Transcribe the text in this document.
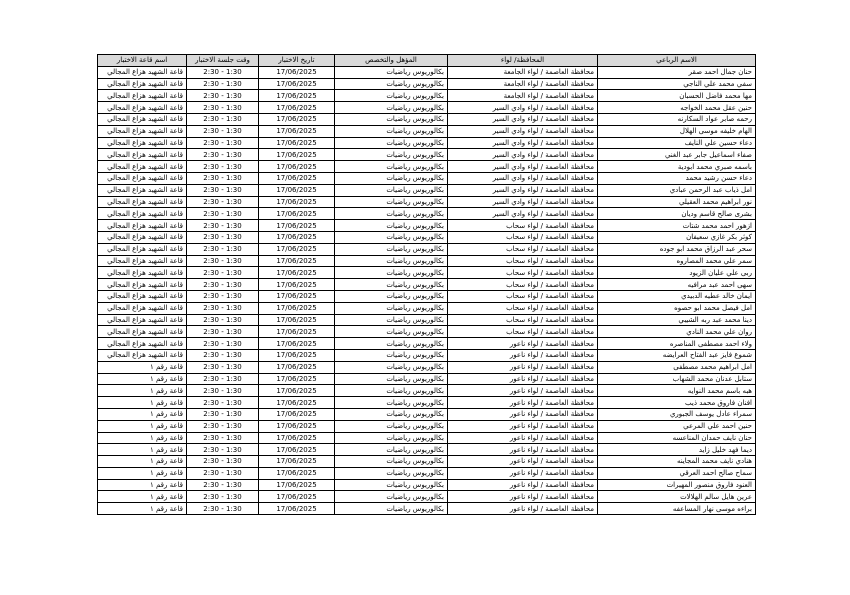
الاسم الرباعي	المحافظة/ لواء	المؤهل والتخصص	تاريخ الاختبار	وقت جلسة الاختبار	اسم قاعة الاختبار
حنان جمال احمد صقر	محافظة العاصمة / لواء الجامعة	بكالوريوس رياضيات	17/06/2025	1:30 - 2:30	قاعة الشهيد هزاع المجالي
سفي محمد علي الناجي	محافظة العاصمة / لواء الجامعة	بكالوريوس رياضيات	17/06/2025	1:30 - 2:30	قاعة الشهيد هزاع المجالي
مها محمد فاضل الحسبان	محافظة العاصمة / لواء الجامعة	بكالوريوس رياضيات	17/06/2025	1:30 - 2:30	قاعة الشهيد هزاع المجالي
حنين عقل محمد الخواجه	محافظة العاصمة / لواء وادي السير	بكالوريوس رياضيات	17/06/2025	1:30 - 2:30	قاعة الشهيد هزاع المجالي
رحمه صابر عواد السكارنه	محافظة العاصمة / لواء وادي السير	بكالوريوس رياضيات	17/06/2025	1:30 - 2:30	قاعة الشهيد هزاع المجالي
الهام خليفه موسى الهلال	محافظة العاصمة / لواء وادي السير	بكالوريوس رياضيات	17/06/2025	1:30 - 2:30	قاعة الشهيد هزاع المجالي
دعاء حسين علي النايف	محافظة العاصمة / لواء وادي السير	بكالوريوس رياضيات	17/06/2025	1:30 - 2:30	قاعة الشهيد هزاع المجالي
صفاء اسماعيل جابر عبد الغني	محافظة العاصمة / لواء وادي السير	بكالوريوس رياضيات	17/06/2025	1:30 - 2:30	قاعة الشهيد هزاع المجالي
باسمه صبري محمد ابودية	محافظة العاصمة / لواء وادي السير	بكالوريوس رياضيات	17/06/2025	1:30 - 2:30	قاعة الشهيد هزاع المجالي
دعاء حسن رشيد محمد	محافظة العاصمة / لواء وادي السير	بكالوريوس رياضيات	17/06/2025	1:30 - 2:30	قاعة الشهيد هزاع المجالي
امل ذياب عبد الرحمن عبادي	محافظة العاصمة / لواء وادي السير	بكالوريوس رياضيات	17/06/2025	1:30 - 2:30	قاعة الشهيد هزاع المجالي
نور ابراهيم محمد العقيلي	محافظة العاصمة / لواء وادي السير	بكالوريوس رياضيات	17/06/2025	1:30 - 2:30	قاعة الشهيد هزاع المجالي
بشرى صالح قاسم وديان	محافظة العاصمة / لواء وادي السير	بكالوريوس رياضيات	17/06/2025	1:30 - 2:30	قاعة الشهيد هزاع المجالي
ازهور احمد محمد شتات	محافظة العاصمة / لواء سحاب	بكالوريوس رياضيات	17/06/2025	1:30 - 2:30	قاعة الشهيد هزاع المجالي
كوثر بكر غازي سعيفان	محافظة العاصمة / لواء سحاب	بكالوريوس رياضيات	17/06/2025	1:30 - 2:30	قاعة الشهيد هزاع المجالي
سحر عبد الرزاق محمد ابو جوده	محافظة العاصمة / لواء سحاب	بكالوريوس رياضيات	17/06/2025	1:30 - 2:30	قاعة الشهيد هزاع المجالي
سمر علي محمد المصاروه	محافظة العاصمة / لواء سحاب	بكالوريوس رياضيات	17/06/2025	1:30 - 2:30	قاعة الشهيد هزاع المجالي
ربى علي عليان الزيود	محافظة العاصمة / لواء سحاب	بكالوريوس رياضيات	17/06/2025	1:30 - 2:30	قاعة الشهيد هزاع المجالي
سهى احمد عبد مرافيه	محافظة العاصمة / لواء سحاب	بكالوريوس رياضيات	17/06/2025	1:30 - 2:30	قاعة الشهيد هزاع المجالي
ايمان خالد عطيه الدبيدي	محافظة العاصمة / لواء سحاب	بكالوريوس رياضيات	17/06/2025	1:30 - 2:30	قاعة الشهيد هزاع المجالي
امل فيصل محمد ابو حصوه	محافظة العاصمة / لواء سحاب	بكالوريوس رياضيات	17/06/2025	1:30 - 2:30	قاعة الشهيد هزاع المجالي
دينا محمد عبد ربه الشيبي	محافظة العاصمة / لواء سحاب	بكالوريوس رياضيات	17/06/2025	1:30 - 2:30	قاعة الشهيد هزاع المجالي
روان علي محمد النادي	محافظة العاصمة / لواء سحاب	بكالوريوس رياضيات	17/06/2025	1:30 - 2:30	قاعة الشهيد هزاع المجالي
ولاء احمد مصطفى المناصره	محافظة العاصمة / لواء ناعور	بكالوريوس رياضيات	17/06/2025	1:30 - 2:30	قاعة الشهيد هزاع المجالي
شموع فايز عبد الفتاح العرايضه	محافظة العاصمة / لواء ناعور	بكالوريوس رياضيات	17/06/2025	1:30 - 2:30	قاعة الشهيد هزاع المجالي
امل ابراهيم محمد مصطفى	محافظة العاصمة / لواء ناعور	بكالوريوس رياضيات	17/06/2025	1:30 - 2:30	قاعة رقم ١
ستابل عدنان محمد الشهاب	محافظة العاصمة / لواء ناعور	بكالوريوس رياضيات	17/06/2025	1:30 - 2:30	قاعة رقم ١
هبه باسم محمد النوايه	محافظة العاصمة / لواء ناعور	بكالوريوس رياضيات	17/06/2025	1:30 - 2:30	قاعة رقم ١
افنان فاروق محمد ذيب	محافظة العاصمة / لواء ناعور	بكالوريوس رياضيات	17/06/2025	1:30 - 2:30	قاعة رقم ١
سمراء عادل يوسف الجبوري	محافظة العاصمة / لواء ناعور	بكالوريوس رياضيات	17/06/2025	1:30 - 2:30	قاعة رقم ١
حنين احمد علي المرعي	محافظة العاصمة / لواء ناعور	بكالوريوس رياضيات	17/06/2025	1:30 - 2:30	قاعة رقم ١
حنان نايف حمدان المناعسه	محافظة العاصمة / لواء ناعور	بكالوريوس رياضيات	17/06/2025	1:30 - 2:30	قاعة رقم ١
ديما فهد خليل زايد	محافظة العاصمة / لواء ناعور	بكالوريوس رياضيات	17/06/2025	1:30 - 2:30	قاعة رقم ١
هنادي نايف محمد المجاينه	محافظة العاصمة / لواء ناعور	بكالوريوس رياضيات	17/06/2025	1:30 - 2:30	قاعة رقم ١
سماح صالح احمد العرقي	محافظة العاصمة / لواء ناعور	بكالوريوس رياضيات	17/06/2025	1:30 - 2:30	قاعة رقم ١
العنود فاروق منصور المهيرات	محافظة العاصمة / لواء ناعور	بكالوريوس رياضيات	17/06/2025	1:30 - 2:30	قاعة رقم ١
عرين هايل سالم الهلالات	محافظة العاصمة / لواء ناعور	بكالوريوس رياضيات	17/06/2025	1:30 - 2:30	قاعة رقم ١
براءه موسى نهار المساعفه	محافظة العاصمة / لواء ناعور	بكالوريوس رياضيات	17/06/2025	1:30 - 2:30	قاعة رقم ١
